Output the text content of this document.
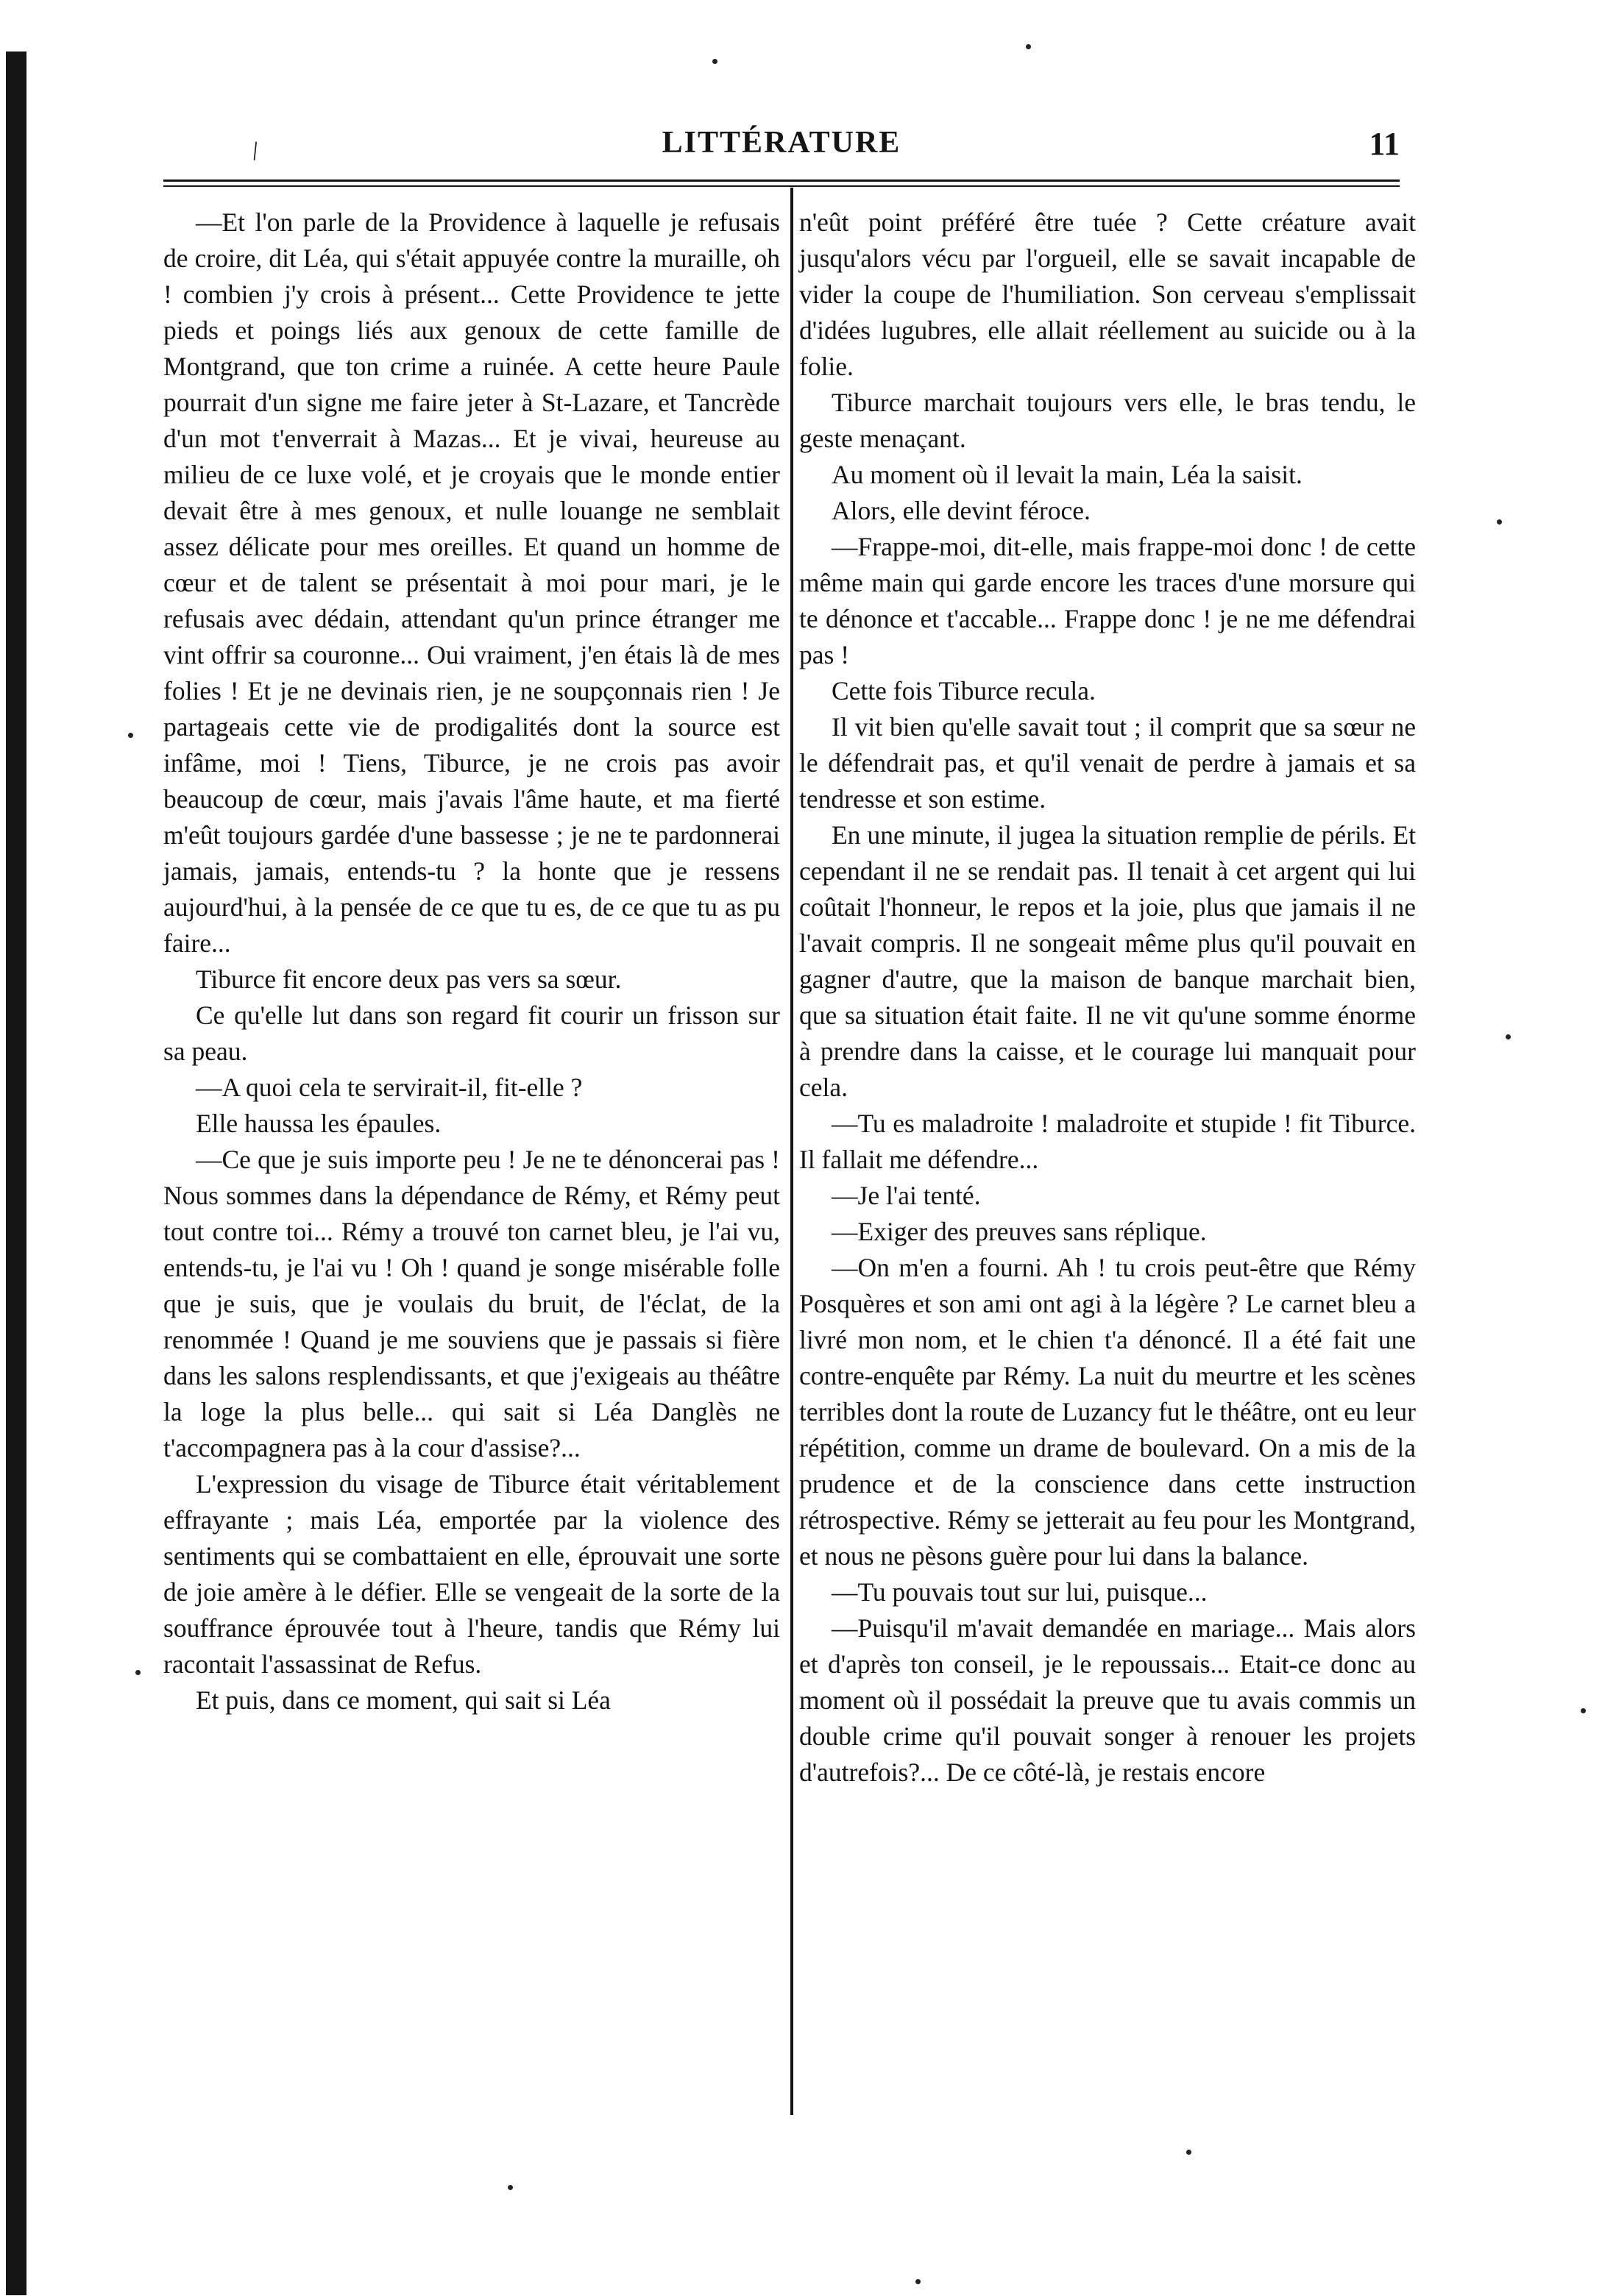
\	LITTÉRATURE	11

—Et l'on parle de la Providence à laquelle je refusais de croire, dit Léa, qui s'était appuyée contre la muraille, oh ! combien j'y crois à présent... Cette Providence te jette pieds et poings liés aux genoux de cette famille de Montgrand, que ton crime a ruinée. A cette heure Paule pourrait d'un signe me faire jeter à St-Lazare, et Tancrède d'un mot t'enverrait à Mazas... Et je vivai, heureuse au milieu de ce luxe volé, et je croyais que le monde entier devait être à mes genoux, et nulle louange ne semblait assez délicate pour mes oreilles. Et quand un homme de cœur et de talent se présentait à moi pour mari, je le refusais avec dédain, attendant qu'un prince étranger me vint offrir sa couronne... Oui vraiment, j'en étais là de mes folies ! Et je ne devinais rien, je ne soupçonnais rien ! Je partageais cette vie de prodigalités dont la source est infâme, moi ! Tiens, Tiburce, je ne crois pas avoir beaucoup de cœur, mais j'avais l'âme haute, et ma fierté m'eût toujours gardée d'une bassesse ; je ne te pardonnerai jamais, jamais, entends-tu ? la honte que je ressens aujourd'hui, à la pensée de ce que tu es, de ce que tu as pu faire...

Tiburce fit encore deux pas vers sa sœur.

Ce qu'elle lut dans son regard fit courir un frisson sur sa peau.

—A quoi cela te servirait-il, fit-elle ?

Elle haussa les épaules.

—Ce que je suis importe peu ! Je ne te dénoncerai pas ! Nous sommes dans la dépendance de Rémy, et Rémy peut tout contre toi... Rémy a trouvé ton carnet bleu, je l'ai vu, entends-tu, je l'ai vu ! Oh ! quand je songe misérable folle que je suis, que je voulais du bruit, de l'éclat, de la renommée ! Quand je me souviens que je passais si fière dans les salons resplendissants, et que j'exigeais au théâtre la loge la plus belle... qui sait si Léa Danglès ne t'accompagnera pas à la cour d'assise?...

L'expression du visage de Tiburce était véritablement effrayante ; mais Léa, emportée par la violence des sentiments qui se combattaient en elle, éprouvait une sorte de joie amère à le défier. Elle se vengeait de la sorte de la souffrance éprouvée tout à l'heure, tandis que Rémy lui racontait l'assassinat de Refus.

Et puis, dans ce moment, qui sait si Léa

n'eût point préféré être tuée ? Cette créature avait jusqu'alors vécu par l'orgueil, elle se savait incapable de vider la coupe de l'humiliation. Son cerveau s'emplissait d'idées lugubres, elle allait réellement au suicide ou à la folie.

Tiburce marchait toujours vers elle, le bras tendu, le geste menaçant.

Au moment où il levait la main, Léa la saisit.

Alors, elle devint féroce.

—Frappe-moi, dit-elle, mais frappe-moi donc ! de cette même main qui garde encore les traces d'une morsure qui te dénonce et t'accable... Frappe donc ! je ne me défendrai pas !

Cette fois Tiburce recula.

Il vit bien qu'elle savait tout ; il comprit que sa sœur ne le défendrait pas, et qu'il venait de perdre à jamais et sa tendresse et son estime.

En une minute, il jugea la situation remplie de périls. Et cependant il ne se rendait pas. Il tenait à cet argent qui lui coûtait l'honneur, le repos et la joie, plus que jamais il ne l'avait compris. Il ne songeait même plus qu'il pouvait en gagner d'autre, que la maison de banque marchait bien, que sa situation était faite. Il ne vit qu'une somme énorme à prendre dans la caisse, et le courage lui manquait pour cela.

—Tu es maladroite ! maladroite et stupide ! fit Tiburce. Il fallait me défendre...

—Je l'ai tenté.

—Exiger des preuves sans réplique.

—On m'en a fourni. Ah ! tu crois peut-être que Rémy Posquères et son ami ont agi à la légère ? Le carnet bleu a livré mon nom, et le chien t'a dénoncé. Il a été fait une contre-enquête par Rémy. La nuit du meurtre et les scènes terribles dont la route de Luzancy fut le théâtre, ont eu leur répétition, comme un drame de boulevard. On a mis de la prudence et de la conscience dans cette instruction rétrospective. Rémy se jetterait au feu pour les Montgrand, et nous ne pèsons guère pour lui dans la balance.

—Tu pouvais tout sur lui, puisque...

—Puisqu'il m'avait demandée en mariage... Mais alors et d'après ton conseil, je le repoussais... Etait-ce donc au moment où il possédait la preuve que tu avais commis un double crime qu'il pouvait songer à renouer les projets d'autrefois?... De ce côté-là, je restais encore
